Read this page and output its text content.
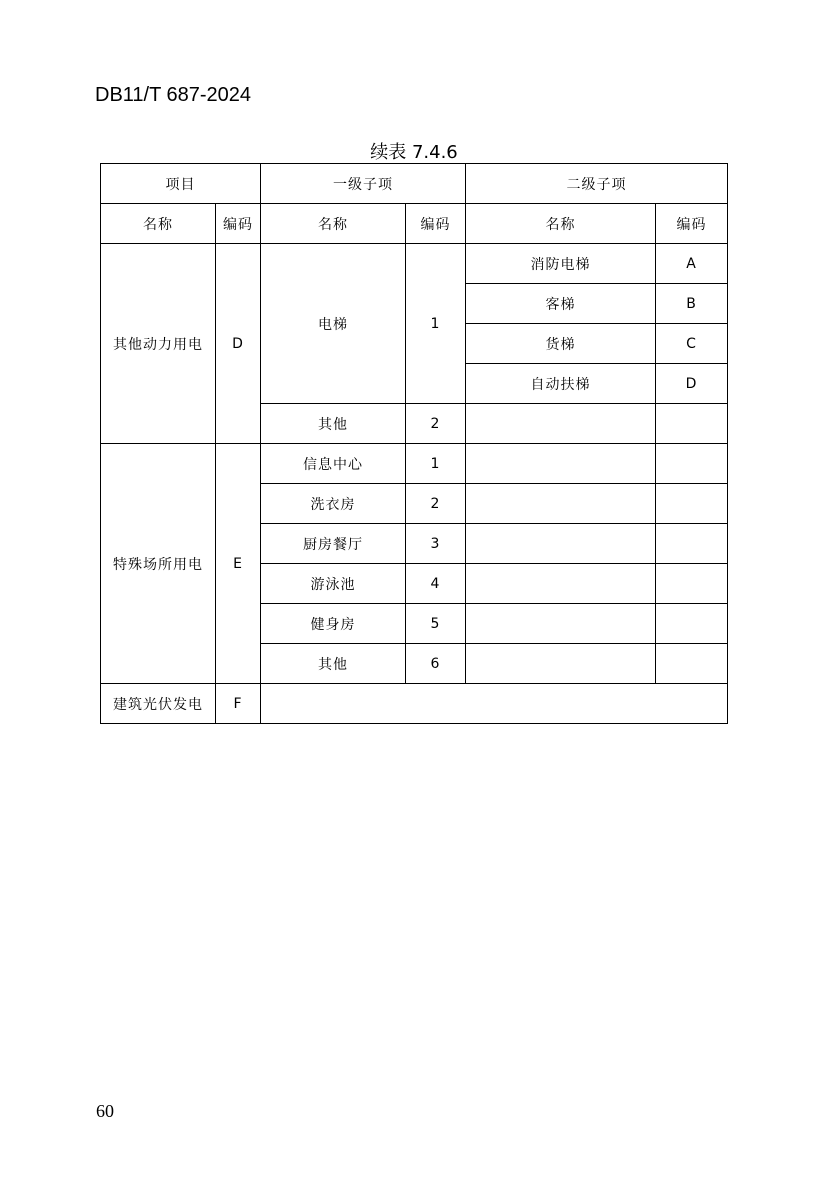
DB11/T 687-2024
续表 7.4.6
项目		一级子项		二级子项	
名称	编码	名称	编码	名称	编码
其他动力用电	D	电梯	1	消防电梯	A
				客梯	B
				货梯	C
				自动扶梯	D
		其他	2		
特殊场所用电	E	信息中心	1		
		洗衣房	2		
		厨房餐厅	3		
		游泳池	4		
		健身房	5		
		其他	6		
建筑光伏发电	F				
60
